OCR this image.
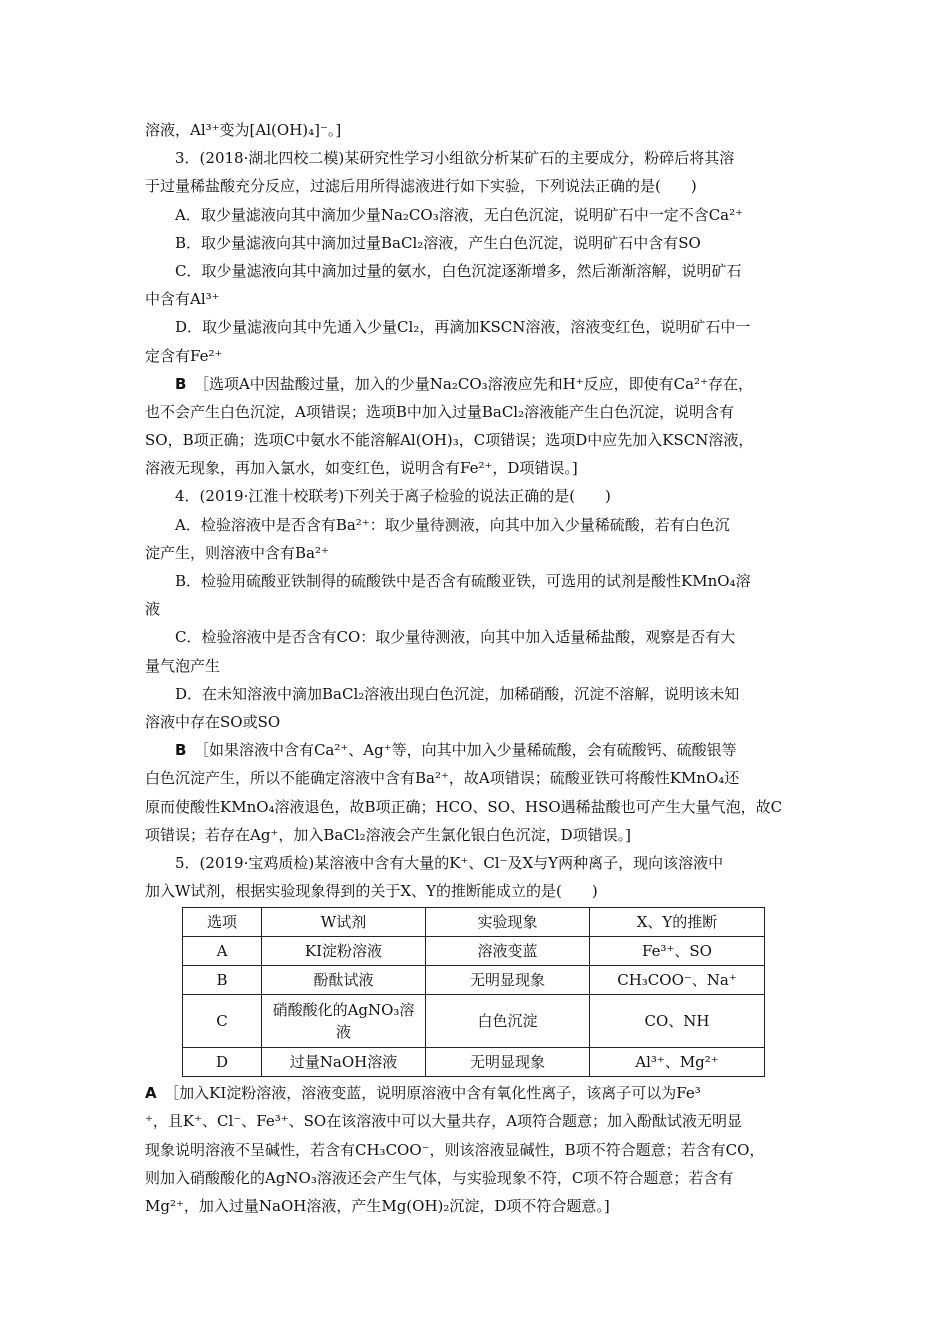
溶液，Al³⁺变为[Al(OH)₄]⁻。]
3．(2018·湖北四校二模)某研究性学习小组欲分析某矿石的主要成分，粉碎后将其溶
于过量稀盐酸充分反应，过滤后用所得滤液进行如下实验，下列说法正确的是(　　)
A．取少量滤液向其中滴加少量Na₂CO₃溶液，无白色沉淀，说明矿石中一定不含Ca²⁺
B．取少量滤液向其中滴加过量BaCl₂溶液，产生白色沉淀，说明矿石中含有SO
C．取少量滤液向其中滴加过量的氨水，白色沉淀逐渐增多，然后渐渐溶解，说明矿石
中含有Al³⁺
D．取少量滤液向其中先通入少量Cl₂，再滴加KSCN溶液，溶液变红色，说明矿石中一
定含有Fe²⁺
B  ［选项A中因盐酸过量，加入的少量Na₂CO₃溶液应先和H⁺反应，即使有Ca²⁺存在，
也不会产生白色沉淀，A项错误；选项B中加入过量BaCl₂溶液能产生白色沉淀，说明含有
SO，B项正确；选项C中氨水不能溶解Al(OH)₃，C项错误；选项D中应先加入KSCN溶液，
溶液无现象，再加入氯水，如变红色，说明含有Fe²⁺，D项错误。]
4．(2019·江淮十校联考)下列关于离子检验的说法正确的是(　　)
A．检验溶液中是否含有Ba²⁺：取少量待测液，向其中加入少量稀硫酸，若有白色沉
淀产生，则溶液中含有Ba²⁺
B．检验用硫酸亚铁制得的硫酸铁中是否含有硫酸亚铁，可选用的试剂是酸性KMnO₄溶
液
C．检验溶液中是否含有CO：取少量待测液，向其中加入适量稀盐酸，观察是否有大
量气泡产生
D．在未知溶液中滴加BaCl₂溶液出现白色沉淀，加稀硝酸，沉淀不溶解，说明该未知
溶液中存在SO或SO
B  ［如果溶液中含有Ca²⁺、Ag⁺等，向其中加入少量稀硫酸，会有硫酸钙、硫酸银等
白色沉淀产生，所以不能确定溶液中含有Ba²⁺，故A项错误；硫酸亚铁可将酸性KMnO₄还
原而使酸性KMnO₄溶液退色，故B项正确；HCO、SO、HSO遇稀盐酸也可产生大量气泡，故C
项错误；若存在Ag⁺，加入BaCl₂溶液会产生氯化银白色沉淀，D项错误。]
5．(2019·宝鸡质检)某溶液中含有大量的K⁺、Cl⁻及X与Y两种离子，现向该溶液中
加入W试剂，根据实验现象得到的关于X、Y的推断能成立的是(　　)
选项	W试剂	实验现象	X、Y的推断
A	KI淀粉溶液	溶液变蓝	Fe³⁺、SO
B	酚酞试液	无明显现象	CH₃COO⁻、Na⁺
C	硝酸酸化的AgNO₃溶液	白色沉淀	CO、NH
D	过量NaOH溶液	无明显现象	Al³⁺、Mg²⁺
A  ［加入KI淀粉溶液，溶液变蓝，说明原溶液中含有氧化性离子，该离子可以为Fe³
⁺，且K⁺、Cl⁻、Fe³⁺、SO在该溶液中可以大量共存，A项符合题意；加入酚酞试液无明显
现象说明溶液不呈碱性，若含有CH₃COO⁻，则该溶液显碱性，B项不符合题意；若含有CO，
则加入硝酸酸化的AgNO₃溶液还会产生气体，与实验现象不符，C项不符合题意；若含有
Mg²⁺，加入过量NaOH溶液，产生Mg(OH)₂沉淀，D项不符合题意。]
